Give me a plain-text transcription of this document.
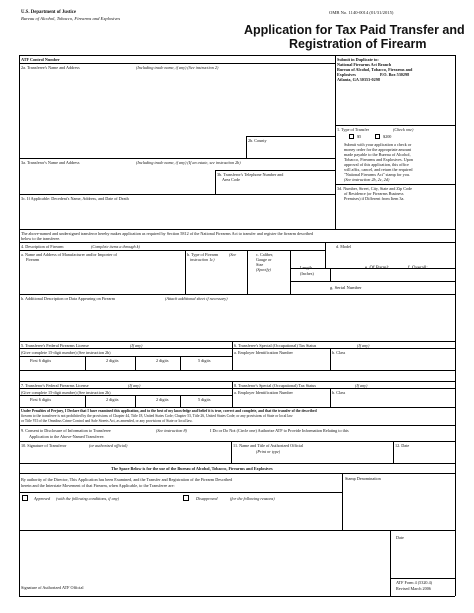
U.S. Department of Justice
Bureau of Alcohol, Tobacco, Firearms and Explosives
OMB No. 1140-0014 (01/31/2015)
Application for Tax Paid Transfer and
Registration of Firearm
ATF Control Number	Submit in Duplicate to:
National Firearms Act Branch
Bureau of Alcohol, Tobacco, Firearms and
Explosives	P.O. Box 530298
Atlanta, GA 30353-0298
1. Type of Transfer	(Check one)
$5	$200
Submit with your application a check or
money order for the appropriate amount
made payable to the Bureau of Alcohol,
Tobacco, Firearms and Explosives. Upon
approval of this application, this office
will affix, cancel, and return the required
"National Firearms Act" stamp for you.
(See instruction 2b, 2c, 2d)
3d. Number, Street, City, State and Zip Code
of Residence (or Firearms Business
Premises) if Different from Item 3a.
2a. Transferee's Name and Address	(Including trade name, if any) (See instruction 2)
2b. County
3a. Transferor's Name and Address	(Including trade name, if any) (If an estate, see instruction 2b)
3b. Transferor's Telephone Number and
Area Code
3c. If Applicable: Decedent's Name, Address, and Date of Death
The above-named and undersigned transferor hereby makes application as required by Section 5812 of the National Firearms Act to transfer and register the firearm described
below to the transferee.
4. Description of Firearm	(Complete items a through k)	d. Model
a. Name and Address of Manufacturer and/or Importer of
Firearm
b. Type of Firearm	(See
instruction 1c)
c. Caliber,
Gauge or
Size
(Specify)	Length
(Inches)
e. Of Barrel:	f. Overall:
g. Serial Number
h. Additional Description or Data Appearing on Firearm	(Attach additional sheet if necessary)
5. Transferee's Federal Firearms License	(If any)	6. Transferee's Special (Occupational) Tax Status	(If any)
(Give complete 15-digit number) (See instruction 2b)	a. Employer Identification Number	b. Class
First 6 digits	2 digits	2 digits	5 digits
7. Transferor's Federal Firearms License	(If any)	8. Transferor's Special (Occupational) Tax Status	(If any)
(Give complete 15-digit number) (See instruction 2b)	a. Employer Identification Number	b. Class
First 6 digits	2 digits	2 digits	5 digits
Under Penalties of Perjury, I Declare that I have examined this application, and to the best of my knowledge and belief it is true, correct and complete, and that the transfer of the described
firearm to the transferee is not prohibited by the provisions of Chapter 44, Title 18, United States Code; Chapter 53, Title 26, United States Code; or any provisions of State or local law
or Title VII of the Omnibus Crime Control and Safe Streets Act, as amended, or any provisions of State or local law.
9. Consent to Disclosure of Information to Transferee	(See instruction 8)	I Do or Do Not (Circle one) Authorize ATF to Provide Information Relating to this
Application to the Above-Named Transferee.
10. Signature of Transferor	(or authorized official)	11. Name and Title of Authorized Official
(Print or type)
12. Date
The Space Below is for the use of the Bureau of Alcohol, Tobacco, Firearms and Explosives
By authority of the Director, This Application has been Examined, and the Transfer and Registration of the Firearm Described
herein and the Interstate Movement of that Firearm, when Applicable, to the Transferee are:
Stamp Denomination
Approved (with the following conditions, if any)	Disapproved	(for the following reasons)
Signature of Authorized ATF Official
Date
ATF Form 4 (5320.4)
Revised March 2006
